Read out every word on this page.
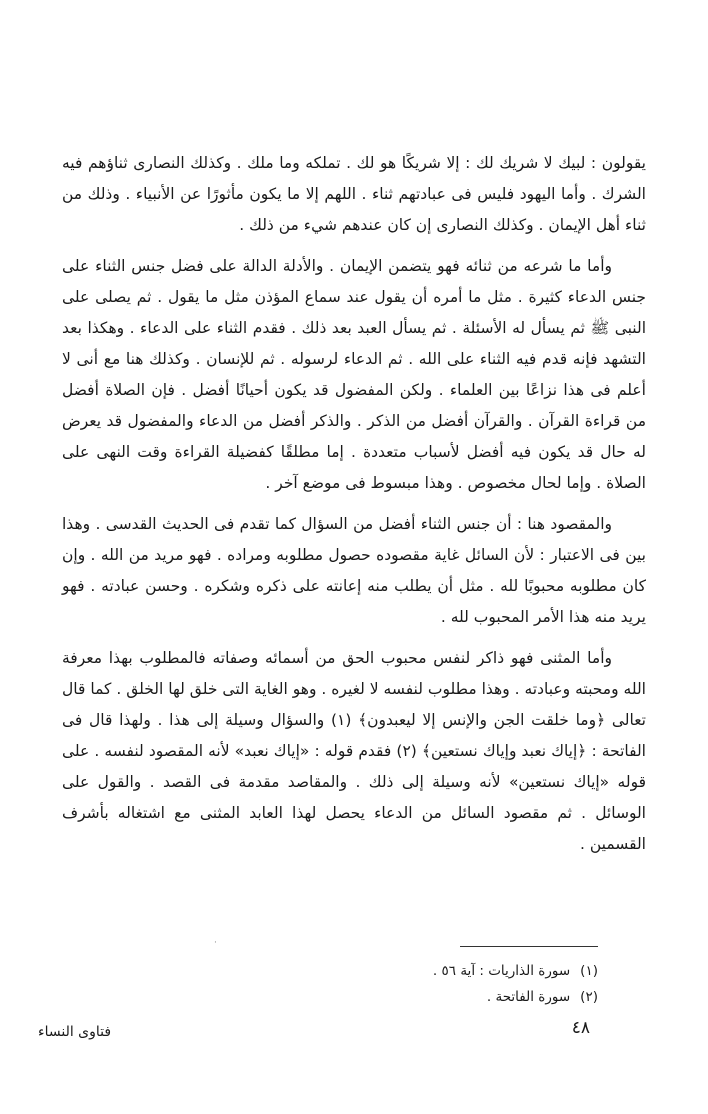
يقولون : لبيك لا شريك لك : إلا شريكًا هو لك . تملكه وما ملك . وكذلك النصارى ثناؤهم فيه الشرك . وأما اليهود فليس فى عبادتهم ثناء . اللهم إلا ما يكون مأثورًا عن الأنبياء . وذلك من ثناء أهل الإيمان . وكذلك النصارى إن كان عندهم شيء من ذلك .

وأما ما شرعه من ثنائه فهو يتضمن الإيمان . والأدلة الدالة على فضل جنس الثناء على جنس الدعاء كثيرة . مثل ما أمره أن يقول عند سماع المؤذن مثل ما يقول . ثم يصلى على النبى ﷺ ثم يسأل له الأسئلة . ثم يسأل العبد بعد ذلك . فقدم الثناء على الدعاء . وهكذا بعد التشهد فإنه قدم فيه الثناء على الله . ثم الدعاء لرسوله . ثم للإنسان . وكذلك هنا مع أنى لا أعلم فى هذا نزاعًا بين العلماء . ولكن المفضول قد يكون أحيانًا أفضل . فإن الصلاة أفضل من قراءة القرآن . والقرآن أفضل من الذكر . والذكر أفضل من الدعاء والمفضول قد يعرض له حال قد يكون فيه أفضل لأسباب متعددة . إما مطلقًا كفضيلة القراءة وقت النهى على الصلاة . وإما لحال مخصوص . وهذا مبسوط فى موضع آخر .

والمقصود هنا : أن جنس الثناء أفضل من السؤال كما تقدم فى الحديث القدسى . وهذا بين فى الاعتبار : لأن السائل غاية مقصوده حصول مطلوبه ومراده . فهو مريد من الله . وإن كان مطلوبه محبوبًا لله . مثل أن يطلب منه إعانته على ذكره وشكره . وحسن عبادته . فهو يريد منه هذا الأمر المحبوب لله .

وأما المثنى فهو ذاكر لنفس محبوب الحق من أسمائه وصفاته فالمطلوب بهذا معرفة الله ومحبته وعبادته . وهذا مطلوب لنفسه لا لغيره . وهو الغاية التى خلق لها الخلق . كما قال تعالى ﴿وما خلقت الجن والإنس إلا ليعبدون﴾ (١) والسؤال وسيلة إلى هذا . ولهذا قال فى الفاتحة : ﴿إياك نعبد وإياك نستعين﴾ (٢) فقدم قوله : «إياك نعبد» لأنه المقصود لنفسه . على قوله «إياك نستعين» لأنه وسيلة إلى ذلك . والمقاصد مقدمة فى القصد . والقول على الوسائل . ثم مقصود السائل من الدعاء يحصل لهذا العابد المثنى مع اشتغاله بأشرف القسمين .

·
(١)سورة الذاريات : آية ٥٦ .
(٢)سورة الفاتحة .
٤٨
فتاوى النساء
